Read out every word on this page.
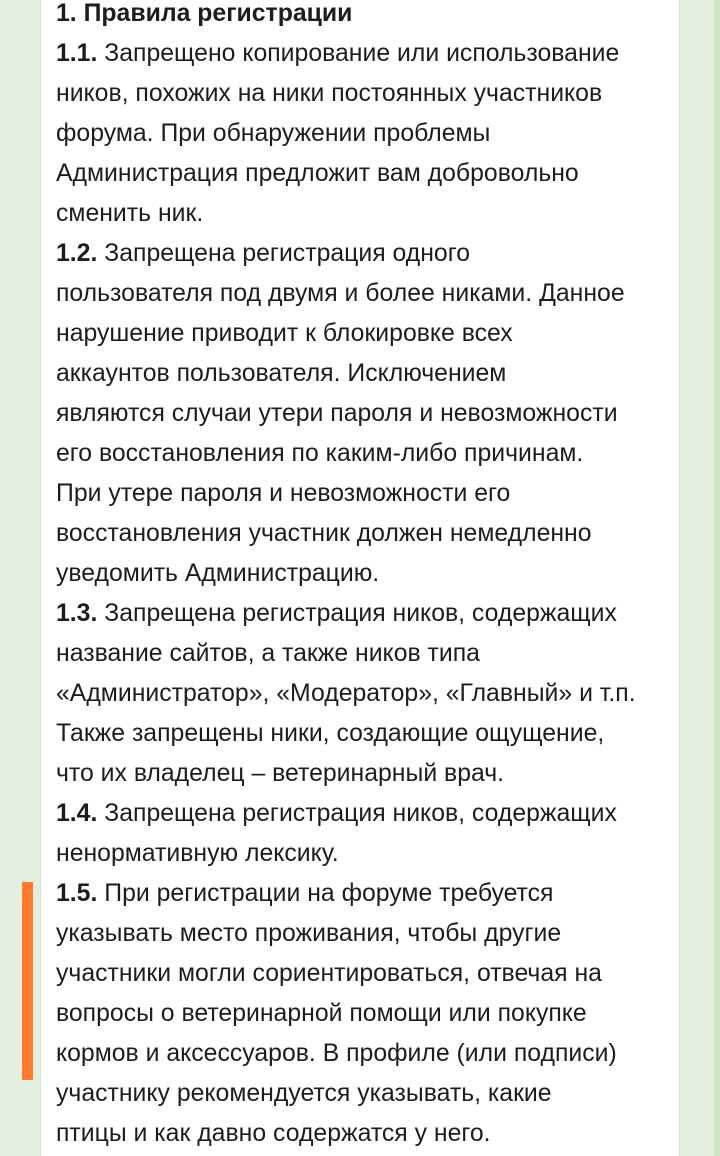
1. Правила регистрации

1.1. Запрещено копирование или использование

ников, похожих на ники постоянных участников

форума. При обнаружении проблемы

Администрация предложит вам добровольно

сменить ник.

1.2. Запрещена регистрация одного

пользователя под двумя и более никами. Данное

нарушение приводит к блокировке всех

аккаунтов пользователя. Исключением

являются случаи утери пароля и невозможности

его восстановления по каким-либо причинам.

При утере пароля и невозможности его

восстановления участник должен немедленно

уведомить Администрацию.

1.3. Запрещена регистрация ников, содержащих

название сайтов, а также ников типа

«Администратор», «Модератор», «Главный» и т.п.

Также запрещены ники, создающие ощущение,

что их владелец – ветеринарный врач.

1.4. Запрещена регистрация ников, содержащих

ненормативную лексику.

1.5. При регистрации на форуме требуется

указывать место проживания, чтобы другие

участники могли сориентироваться, отвечая на

вопросы о ветеринарной помощи или покупке

кормов и аксессуаров. В профиле (или подписи)

участнику рекомендуется указывать, какие

птицы и как давно содержатся у него.
